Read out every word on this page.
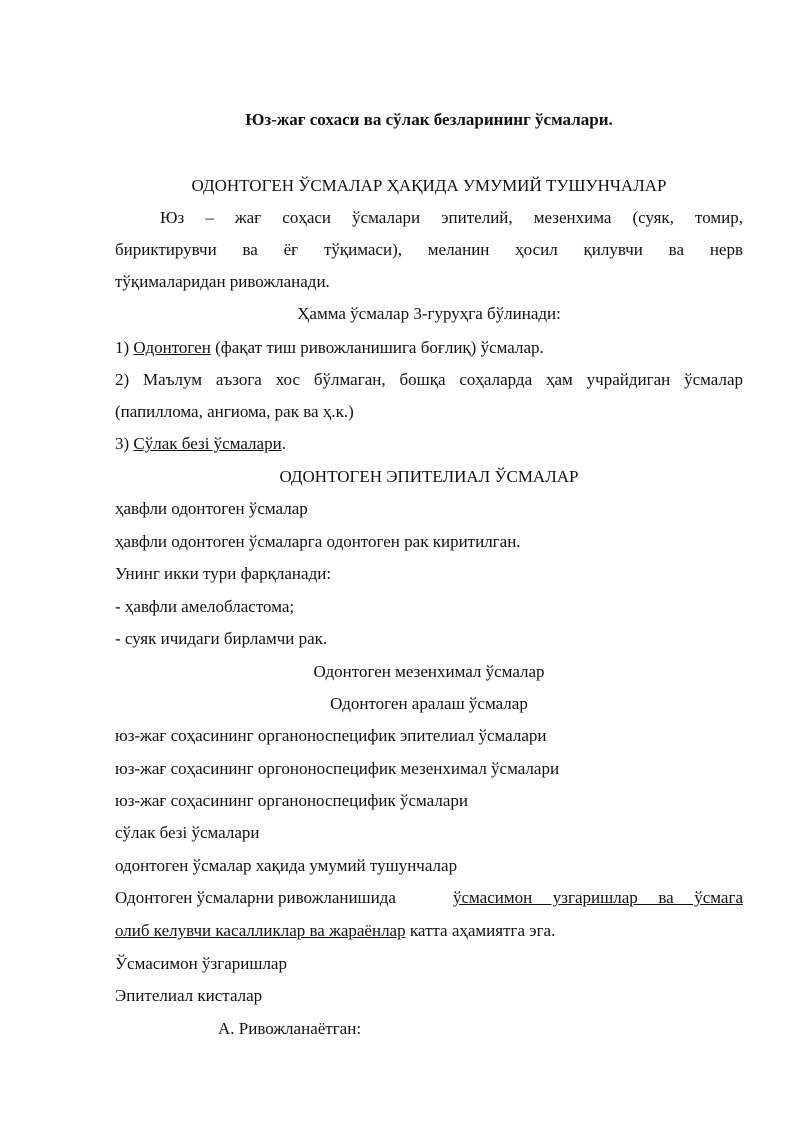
Юз-жағ сохаси ва сўлак безларининг ўсмалари.
ОДОНТОГЕН ЎСМАЛАР ҲАҚИДА УМУМИЙ ТУШУНЧАЛАР
Юз – жағ соҳаси ўсмалари эпителий, мезенхима (суяк, томир,
бириктирувчи ва ёғ тўқимаси), меланин ҳосил қилувчи ва нерв
тўқималаридан ривожланади.
Ҳамма ўсмалар 3-гуруҳга бўлинади:
1) Одонтоген (фақат тиш ривожланишига боғлиқ) ўсмалар.
2) Маълум аъзога хос бўлмаган, бошқа соҳаларда ҳам учрайдиган ўсмалар
(папиллома, ангиома, рак ва ҳ.к.)
3) Сўлак безі ўсмалари.
ОДОНТОГЕН ЭПИТЕЛИАЛ ЎСМАЛАР
ҳавфли одонтоген ўсмалар
ҳавфли одонтоген ўсмаларга одонтоген рак киритилган.
Унинг икки тури фарқланади:
- ҳавфли амелобластома;
- суяк ичидаги бирламчи рак.
Одонтоген мезенхимал ўсмалар
Одонтоген аралаш ўсмалар
юз-жағ соҳасининг органоноспецифик эпителиал ўсмалари
юз-жағ соҳасининг оргононоспецифик мезенхимал ўсмалари
юз-жағ соҳасининг органоноспецифик ўсмалари
сўлак безі ўсмалари
одонтоген ўсмалар хақида умумий тушунчалар
Одонтоген ўсмаларни ривожланишида	ўсмасимон узгаришлар ва ўсмага
олиб келувчи касалликлар ва жараёнлар катта аҳамиятга эга.
Ўсмасимон ўзгаришлар
Эпителиал кисталар
А. Ривожланаётган:
